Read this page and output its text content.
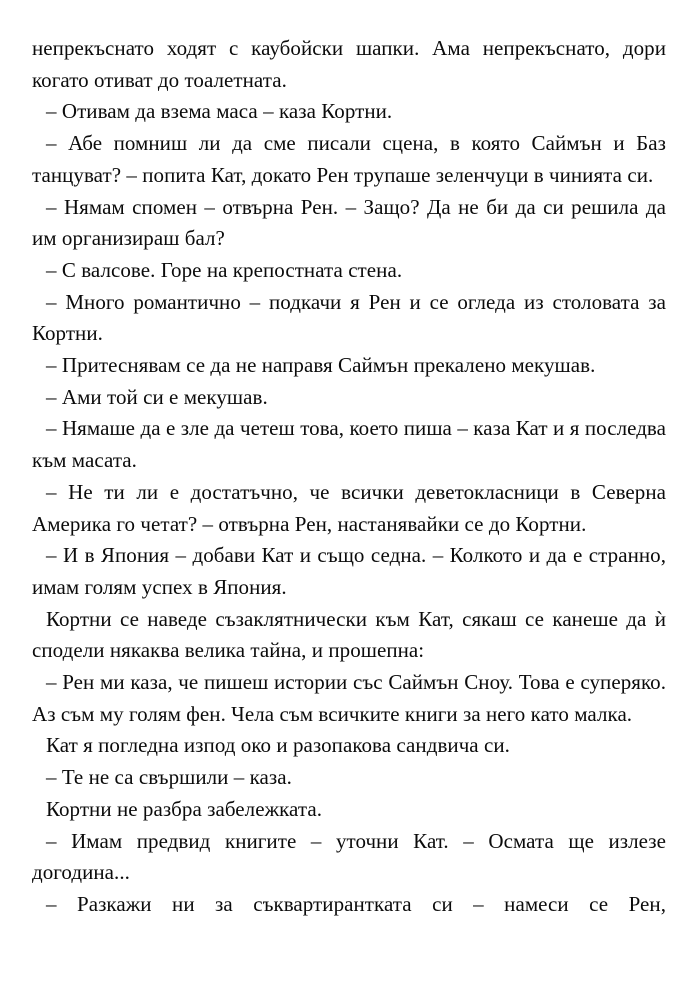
непрекъснато ходят с каубойски шапки. Ама непрекъснато, дори когато отиват до тоалетната.

– Отивам да взема маса – каза Кортни.

– Абе помниш ли да сме писали сцена, в която Саймън и Баз танцуват? – попита Кат, докато Рен трупаше зеленчуци в чинията си.

– Нямам спомен – отвърна Рен. – Защо? Да не би да си решила да им организираш бал?

– С валсове. Горе на крепостната стена.

– Много романтично – подкачи я Рен и се огледа из столовата за Кортни.

– Притеснявам се да не направя Саймън прекалено мекушав.

– Ами той си е мекушав.

– Нямаше да е зле да четеш това, което пиша – каза Кат и я последва към масата.

– Не ти ли е достатъчно, че всички деветокласници в Северна Америка го четат? – отвърна Рен, настанявайки се до Кортни.

– И в Япония – добави Кат и също седна. – Колкото и да е странно, имам голям успех в Япония.

Кортни се наведе съзаклятнически към Кат, сякаш се канеше да ѝ сподели някаква велика тайна, и прошепна:

– Рен ми каза, че пишеш истории със Саймън Сноу. Това е суперяко. Аз съм му голям фен. Чела съм всичките книги за него като малка.

Кат я погледна изпод око и разопакова сандвича си.

– Те не са свършили – каза.

Кортни не разбра забележката.

– Имам предвид книгите – уточни Кат. – Осмата ще излезе догодина...

– Разкажи ни за съквартирантката си – намеси се Рен,
